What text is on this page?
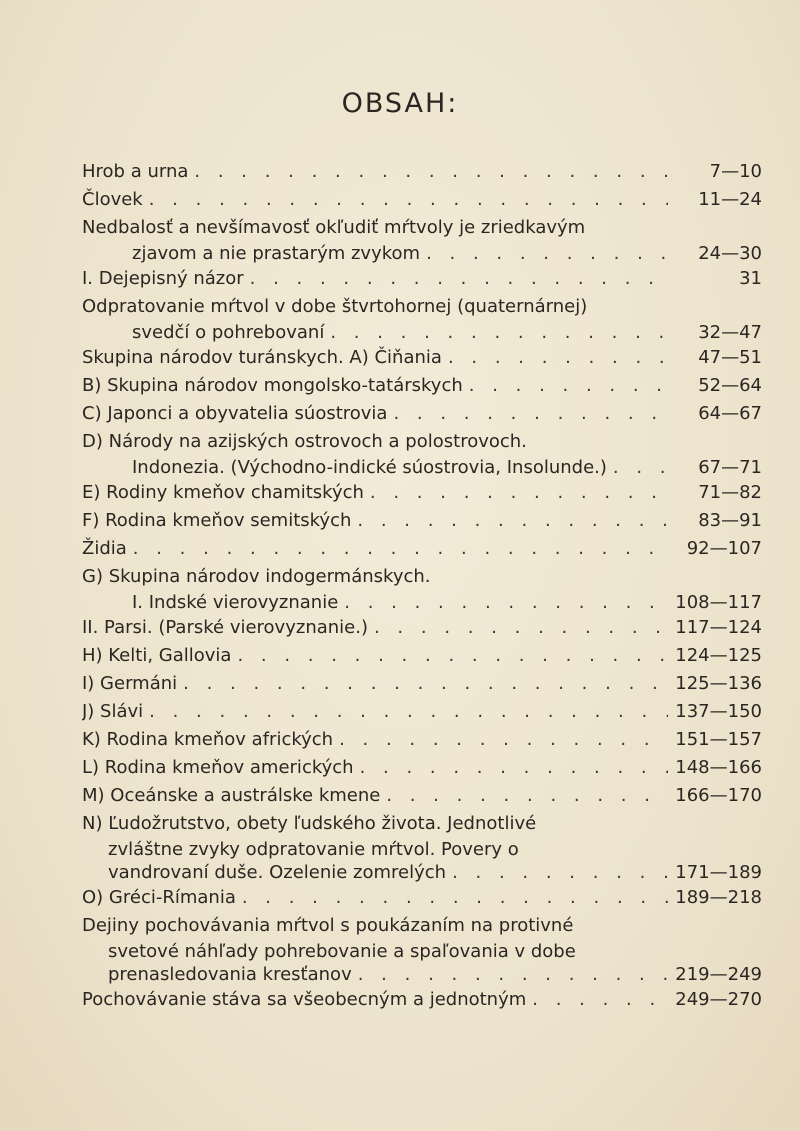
OBSAH:
Hrob a urna . . .	7—10
Človek . . .	11—24
Nedbalosť a nevšímavosť okľudiť mŕtvoly je zriedkavým
zjavom a nie prastarým zvykom . . .	24—30
I. Dejepisný názor . . .	31
Odpratovanie mŕtvol v dobe štvrtohornej (quaternárnej)
svedčí o pohrebovaní . . .	32—47
Skupina národov turánskych. A) Čiňania . . .	47—51
B) Skupina národov mongolsko-tatárskych . . .	52—64
C) Japonci a obyvatelia súostrovia . . .	64—67
D) Národy na azijských ostrovoch a polostrovoch.
Indonezia. (Východno-indické súostrovia, Insolunde.) . . .	67—71
E) Rodiny kmeňov chamitských . . .	71—82
F) Rodina kmeňov semitských . . .	83—91
Židia . . .	92—107
G) Skupina národov indogermánskych.
I. Indské vierovyznanie . . .	108—117
II. Parsi. (Parské vierovyznanie.) . . .	117—124
H) Kelti, Gallovia . . .	124—125
I) Germáni . . .	125—136
J) Slávi . . .	137—150
K) Rodina kmeňov afrických . . .	151—157
L) Rodina kmeňov amerických . . .	148—166
M) Oceánske a austrálske kmene . . .	166—170
N) Ľudožrutstvo, obety ľudského života. Jednotlivé
zvláštne zvyky odpratovanie mŕtvol. Povery o
vandrovaní duše. Ozelenie zomrelých . . .	171—189
O) Gréci-Rímania . . .	189—218
Dejiny pochovávania mŕtvol s poukázaním na protivné
svetové náhľady pohrebovanie a spaľovania v dobe
prenasledovania kresťanov . . .	219—249
Pochovávanie stáva sa všeobecným a jednotným . . .	249—270
